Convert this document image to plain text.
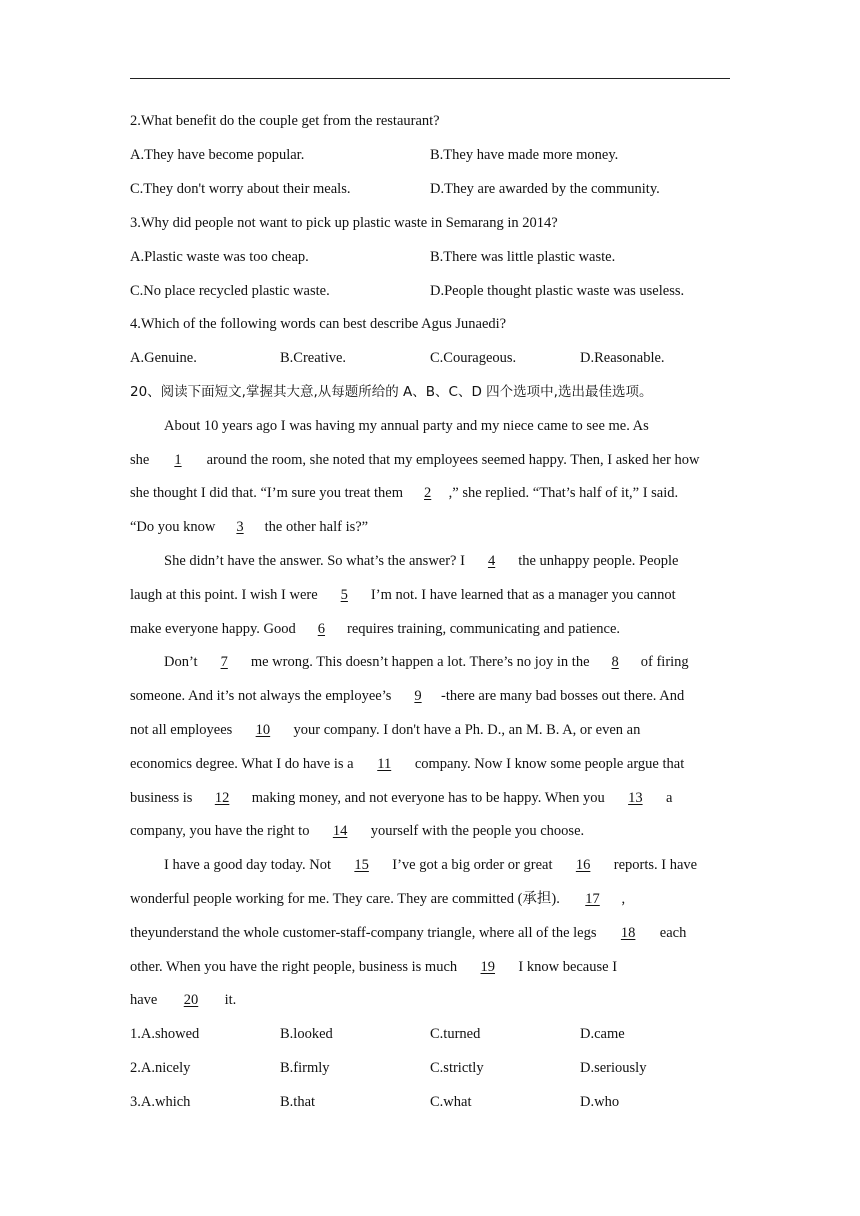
2.What benefit do the couple get from the restaurant?
A.They have become popular.	B.They have made more money.
C.They don't worry about their meals.	D.They are awarded by the community.
3.Why did people not want to pick up plastic waste in Semarang in 2014?
A.Plastic waste was too cheap.	B.There was little plastic waste.
C.No place recycled plastic waste.	D.People thought plastic waste was useless.
4.Which of the following words can best describe Agus Junaedi?
A.Genuine.	B.Creative.	C.Courageous.	D.Reasonable.
20、阅读下面短文,掌握其大意,从每题所给的 A、B、C、D 四个选项中,选出最佳选项。
About 10 years ago I was having my annual party and my niece came to see me. As
she 1 around the room, she noted that my employees seemed happy. Then, I asked her how
she thought I did that. “I’m sure you treat them 2 ,” she replied. “That’s half of it,” I said.
“Do you know 3 the other half is?”
She didn’t have the answer. So what’s the answer? I 4 the unhappy people. People
laugh at this point. I wish I were 5 I’m not. I have learned that as a manager you cannot
make everyone happy. Good 6 requires training, communicating and patience.
Don’t 7 me wrong. This doesn’t happen a lot. There’s no joy in the 8 of firing
someone. And it’s not always the employee’s 9 -there are many bad bosses out there. And
not all employees 10 your company. I don't have a Ph. D., an M. B. A, or even an
economics degree. What I do have is a 11 company. Now I know some people argue that
business is 12 making money, and not everyone has to be happy. When you 13 a
company, you have the right to 14 yourself with the people you choose.
I have a good day today. Not 15 I’ve got a big order or great 16 reports. I have
wonderful people working for me. They care. They are committed (承担). 17 ,
theyunderstand the whole customer-staff-company triangle, where all of the legs 18 each
other. When you have the right people, business is much 19 I know because I
have 20 it.
1.A.showed	B.looked	C.turned	D.came
2.A.nicely	B.firmly	C.strictly	D.seriously
3.A.which	B.that	C.what	D.who
